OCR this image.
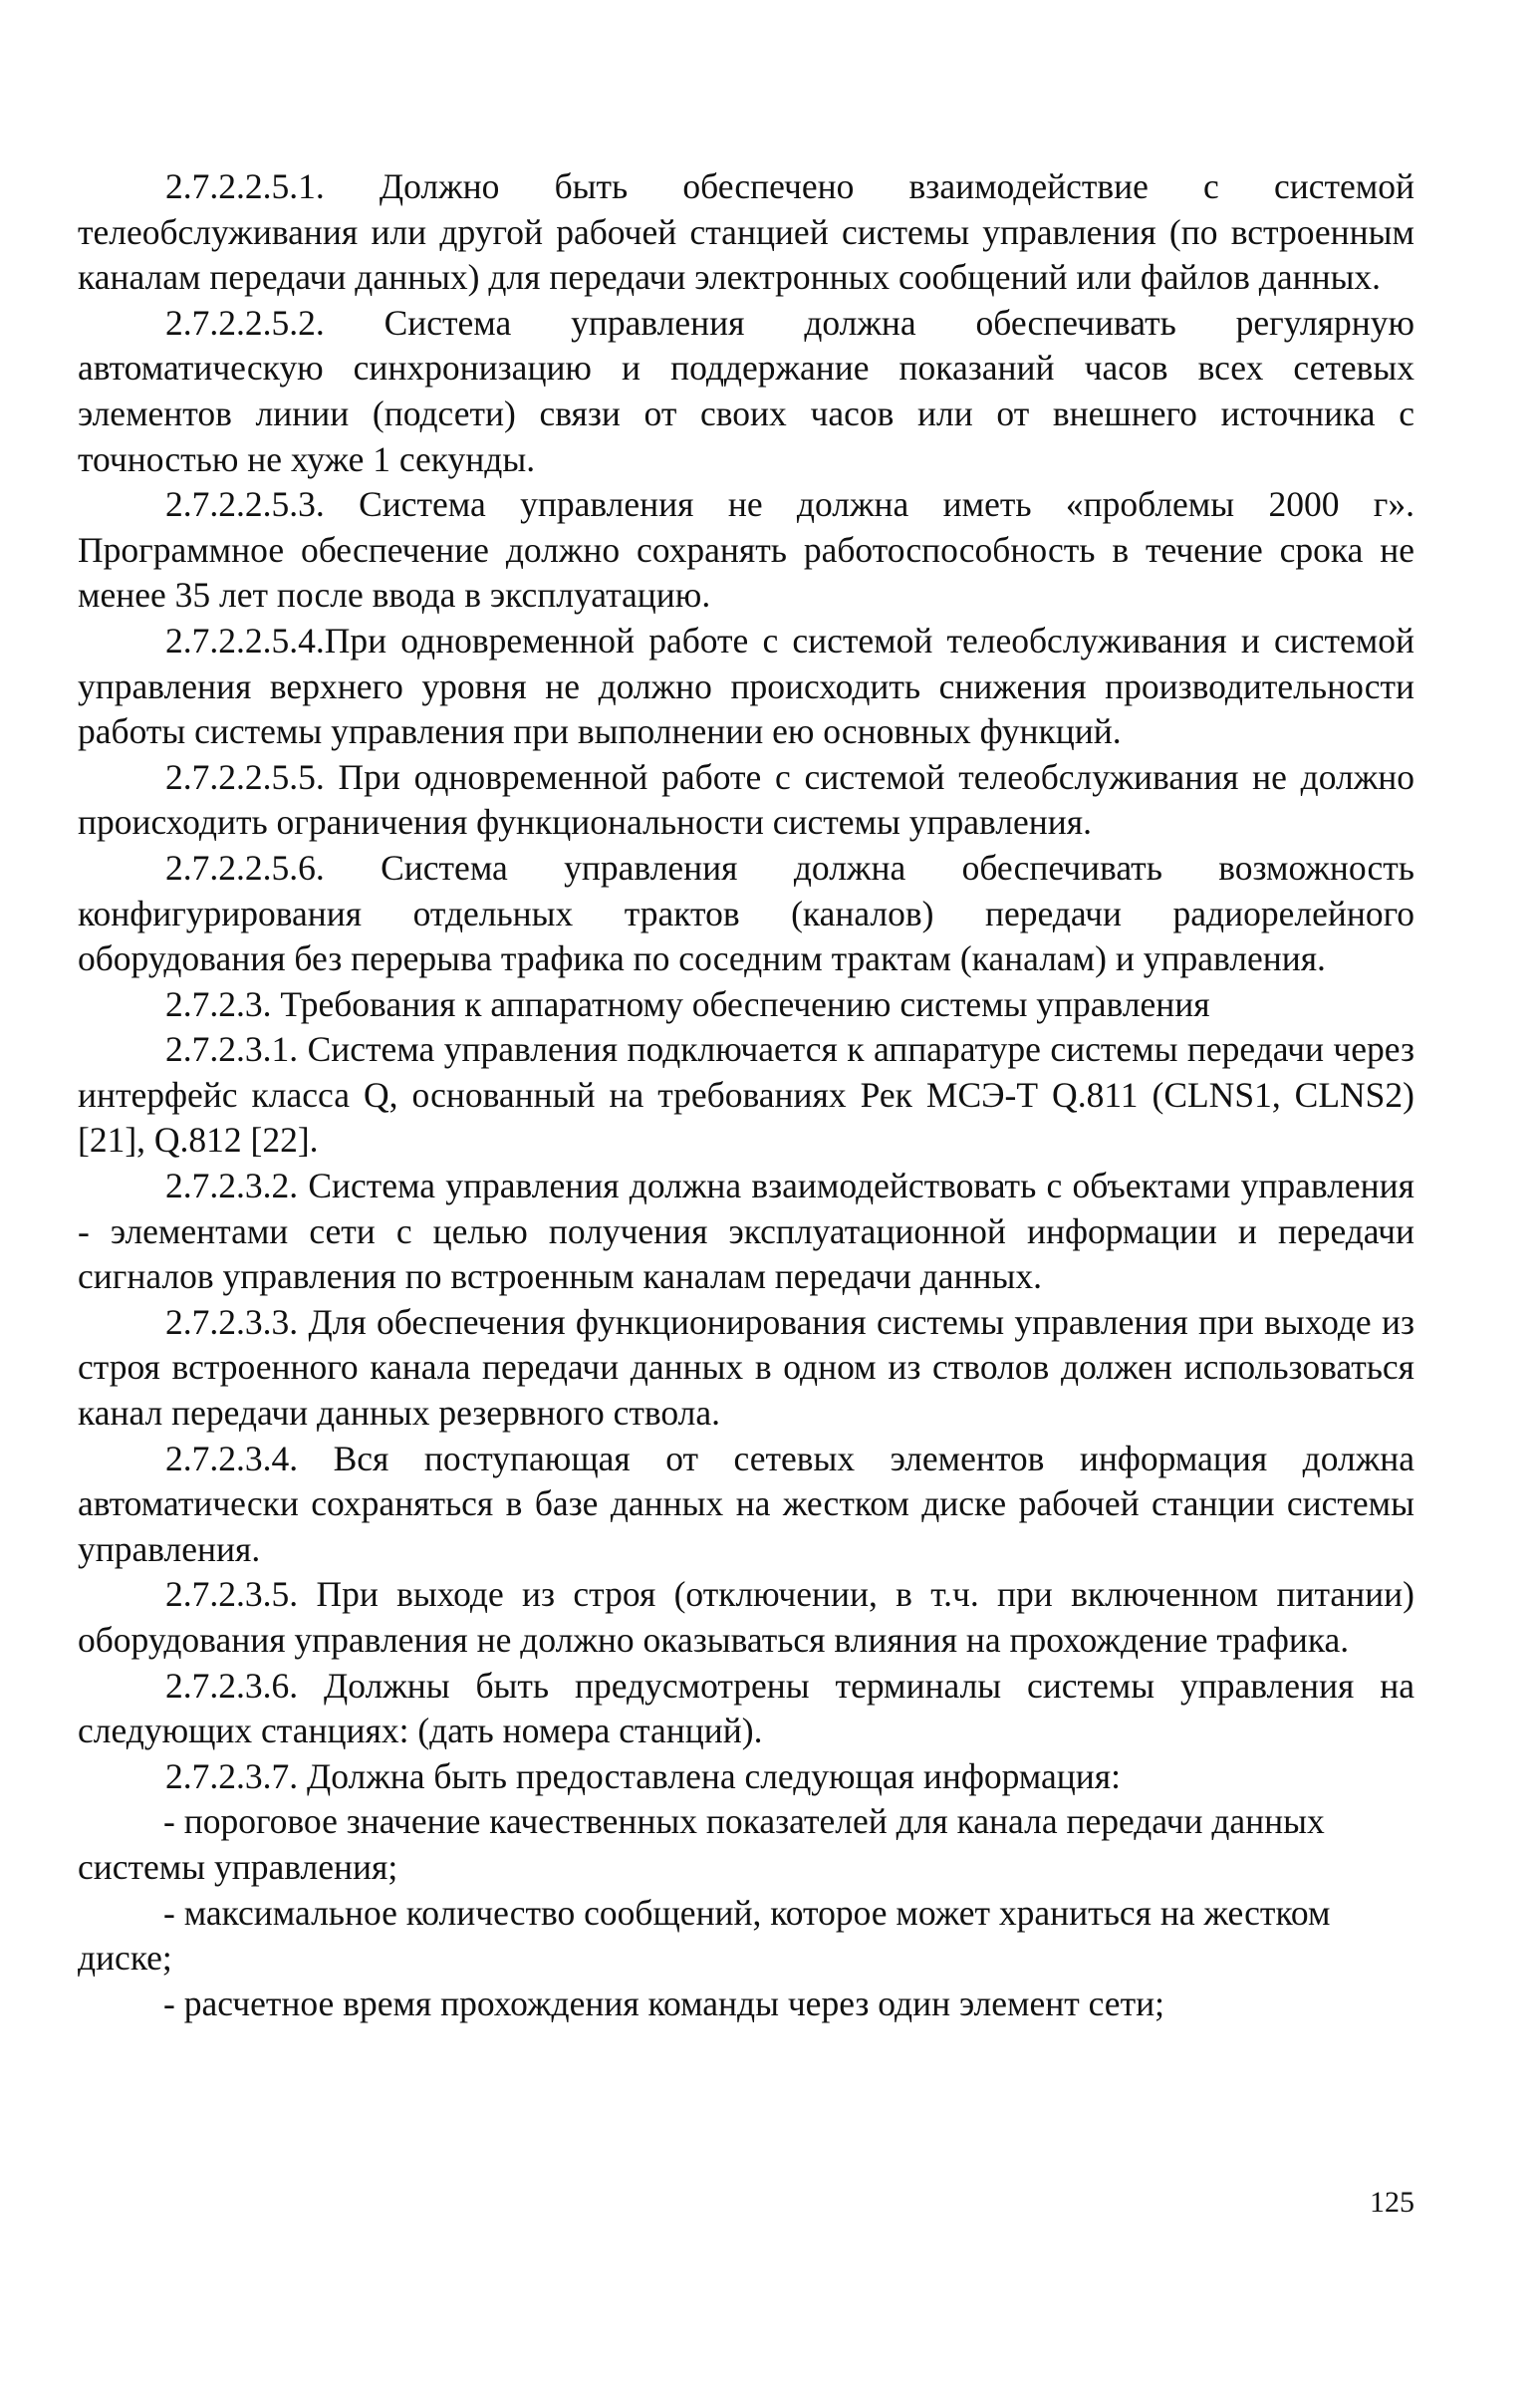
2.7.2.2.5.1. Должно быть обеспечено взаимодействие с системой телеобслуживания или другой рабочей станцией системы управления (по встроенным каналам передачи данных) для передачи электронных сообщений или файлов данных.

2.7.2.2.5.2. Система управления должна обеспечивать регулярную автоматическую синхронизацию и поддержание показаний часов всех сетевых элементов линии (подсети) связи от своих часов или от внешнего источника с точностью не хуже 1 секунды.

2.7.2.2.5.3. Система управления не должна иметь «проблемы 2000 г». Программное обеспечение должно сохранять работоспособность в течение срока не менее 35 лет после ввода в эксплуатацию.

2.7.2.2.5.4.При одновременной работе с системой телеобслуживания и системой управления верхнего уровня не должно происходить снижения производительности работы системы управления при выполнении ею основных функций.

2.7.2.2.5.5. При одновременной работе с системой телеобслуживания не должно происходить ограничения функциональности системы управления.

2.7.2.2.5.6. Система управления должна обеспечивать возможность конфигурирования отдельных трактов (каналов) передачи радиорелейного оборудования без перерыва трафика по соседним трактам (каналам) и управления.

2.7.2.3. Требования к аппаратному обеспечению системы управления

2.7.2.3.1. Система управления подключается к аппаратуре системы передачи через интерфейс класса Q, основанный на требованиях Рек МСЭ-Т Q.811 (CLNS1, CLNS2) [21], Q.812 [22].

2.7.2.3.2. Система управления должна взаимодействовать с объектами управления - элементами сети с целью получения эксплуатационной информации и передачи сигналов управления по встроенным каналам передачи данных.

2.7.2.3.3. Для обеспечения функционирования системы управления при выходе из строя встроенного канала передачи данных в одном из стволов должен использоваться канал передачи данных резервного ствола.

2.7.2.3.4. Вся поступающая от сетевых элементов информация должна автоматически сохраняться в базе данных на жестком диске рабочей станции системы управления.

2.7.2.3.5. При выходе из строя (отключении, в т.ч. при включенном питании) оборудования управления не должно оказываться влияния на прохождение трафика.

2.7.2.3.6. Должны быть предусмотрены терминалы системы управления на следующих станциях: (дать номера станций).

2.7.2.3.7. Должна быть предоставлена следующая информация:

- пороговое значение качественных показателей для канала передачи данных системы управления;

- максимальное количество сообщений, которое может храниться на жестком диске;

- расчетное время прохождения команды через один элемент сети;

125
